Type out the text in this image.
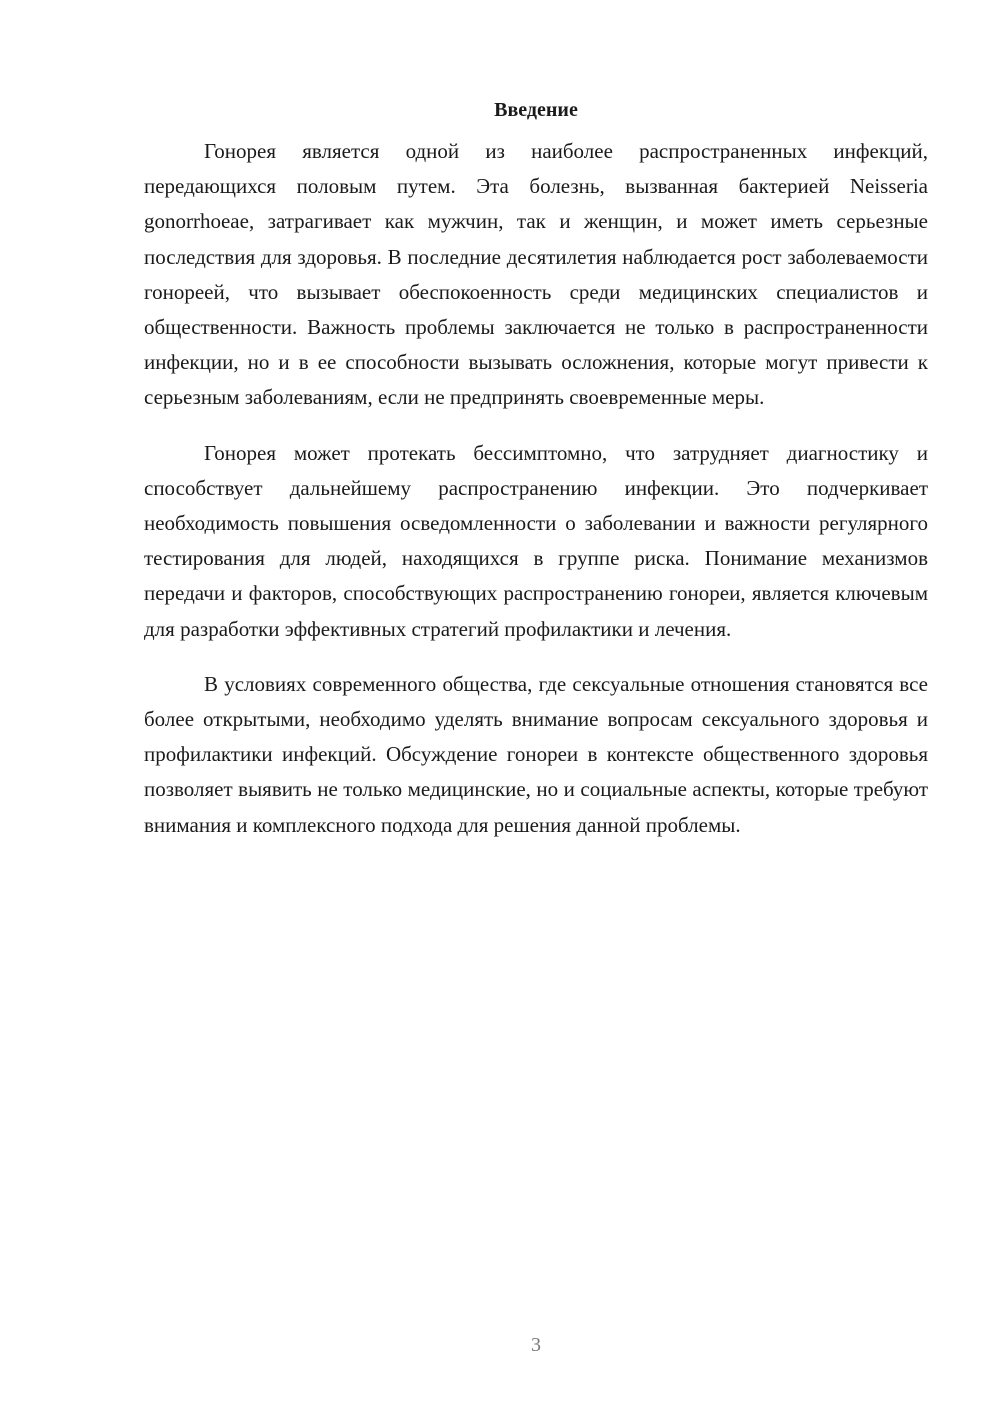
Введение

Гонорея является одной из наиболее распространенных инфекций, передающихся половым путем. Эта болезнь, вызванная бактерией Neisseria gonorrhoeae, затрагивает как мужчин, так и женщин, и может иметь серьезные последствия для здоровья. В последние десятилетия наблюдается рост заболеваемости гонореей, что вызывает обеспокоенность среди медицинских специалистов и общественности. Важность проблемы заключается не только в распространенности инфекции, но и в ее способности вызывать осложнения, которые могут привести к серьезным заболеваниям, если не предпринять своевременные меры.

Гонорея может протекать бессимптомно, что затрудняет диагностику и способствует дальнейшему распространению инфекции. Это подчеркивает необходимость повышения осведомленности о заболевании и важности регулярного тестирования для людей, находящихся в группе риска. Понимание механизмов передачи и факторов, способствующих распространению гонореи, является ключевым для разработки эффективных стратегий профилактики и лечения.

В условиях современного общества, где сексуальные отношения становятся все более открытыми, необходимо уделять внимание вопросам сексуального здоровья и профилактики инфекций. Обсуждение гонореи в контексте общественного здоровья позволяет выявить не только медицинские, но и социальные аспекты, которые требуют внимания и комплексного подхода для решения данной проблемы.

3
